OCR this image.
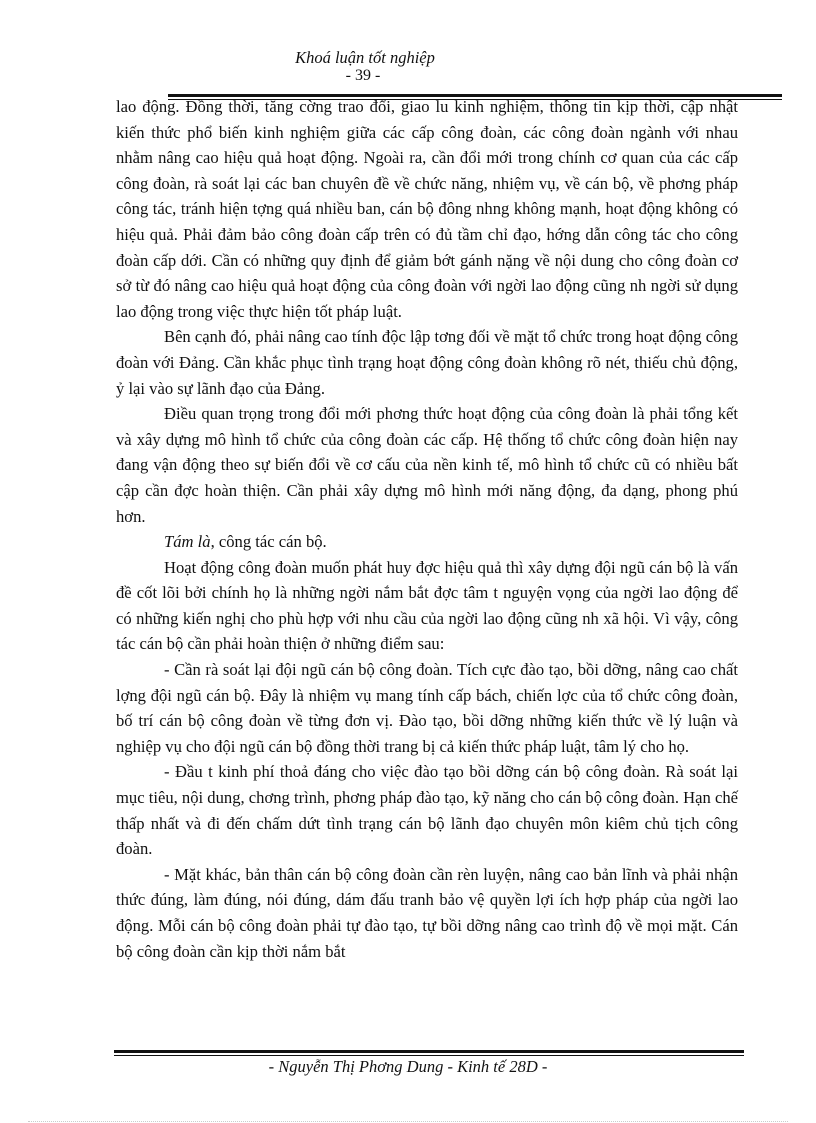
Khoá luận tốt nghiệp
- 39 -

lao động. Đồng thời, tăng cờng trao đổi, giao lu kinh nghiệm, thông tin kịp thời, cập nhật kiến thức phổ biến kinh nghiệm giữa các cấp công đoàn, các công đoàn ngành với nhau nhằm nâng cao hiệu quả hoạt động. Ngoài ra, cần đổi mới trong chính cơ quan của các cấp công đoàn, rà soát lại các ban chuyên đề về chức năng, nhiệm vụ, về cán bộ, về phơng pháp công tác, tránh hiện tợng quá nhiều ban, cán bộ đông nhng không mạnh, hoạt động không có hiệu quả. Phải đảm bảo công đoàn cấp trên có đủ tầm chỉ đạo, hớng dẫn công tác cho công đoàn cấp dới. Cần có những quy định để giảm bớt gánh nặng về nội dung cho công đoàn cơ sở từ đó nâng cao hiệu quả hoạt động của công đoàn với ngời lao động cũng nh ngời sử dụng lao động trong việc thực hiện tốt pháp luật.

Bên cạnh đó, phải nâng cao tính độc lập tơng đối về mặt tổ chức trong hoạt động công đoàn với Đảng. Cần khắc phục tình trạng hoạt động công đoàn không rõ nét, thiếu chủ động, ỷ lại vào sự lãnh đạo của Đảng.

Điều quan trọng trong đổi mới phơng thức hoạt động của công đoàn là phải tổng kết và xây dựng mô hình tổ chức của công đoàn các cấp. Hệ thống tổ chức công đoàn hiện nay đang vận động theo sự biến đổi về cơ cấu của nền kinh tế, mô hình tổ chức cũ có nhiều bất cập cần đợc hoàn thiện. Cần phải xây dựng mô hình mới năng động, đa dạng, phong phú hơn.

Tám là, công tác cán bộ.

Hoạt động công đoàn muốn phát huy đợc hiệu quả thì xây dựng đội ngũ cán bộ là vấn đề cốt lõi bởi chính họ là những ngời nắm bắt đợc tâm t nguyện vọng của ngời lao động để có những kiến nghị cho phù hợp với nhu cầu của ngời lao động cũng nh xã hội. Vì vậy, công tác cán bộ cần phải hoàn thiện ở những điểm sau:

- Cần rà soát lại đội ngũ cán bộ công đoàn. Tích cực đào tạo, bồi dỡng, nâng cao chất lợng đội ngũ cán bộ. Đây là nhiệm vụ mang tính cấp bách, chiến lợc của tổ chức công đoàn, bố trí cán bộ công đoàn về từng đơn vị. Đào tạo, bồi dỡng những kiến thức về lý luận và nghiệp vụ cho đội ngũ cán bộ đồng thời trang bị cả kiến thức pháp luật, tâm lý cho họ.

- Đầu t kinh phí thoả đáng cho việc đào tạo bồi dỡng cán bộ công đoàn. Rà soát lại mục tiêu, nội dung, chơng trình, phơng pháp đào tạo, kỹ năng cho cán bộ công đoàn. Hạn chế thấp nhất và đi đến chấm dứt tình trạng cán bộ lãnh đạo chuyên môn kiêm chủ tịch công đoàn.

- Mặt khác, bản thân cán bộ công đoàn cần rèn luyện, nâng cao bản lĩnh và phải nhận thức đúng, làm đúng, nói đúng, dám đấu tranh bảo vệ quyền lợi ích hợp pháp của ngời lao động. Mỗi cán bộ công đoàn phải tự đào tạo, tự bồi dỡng nâng cao trình độ về mọi mặt. Cán bộ công đoàn cần kịp thời nắm bắt

- Nguyễn Thị Phơng Dung - Kinh tế 28D -
